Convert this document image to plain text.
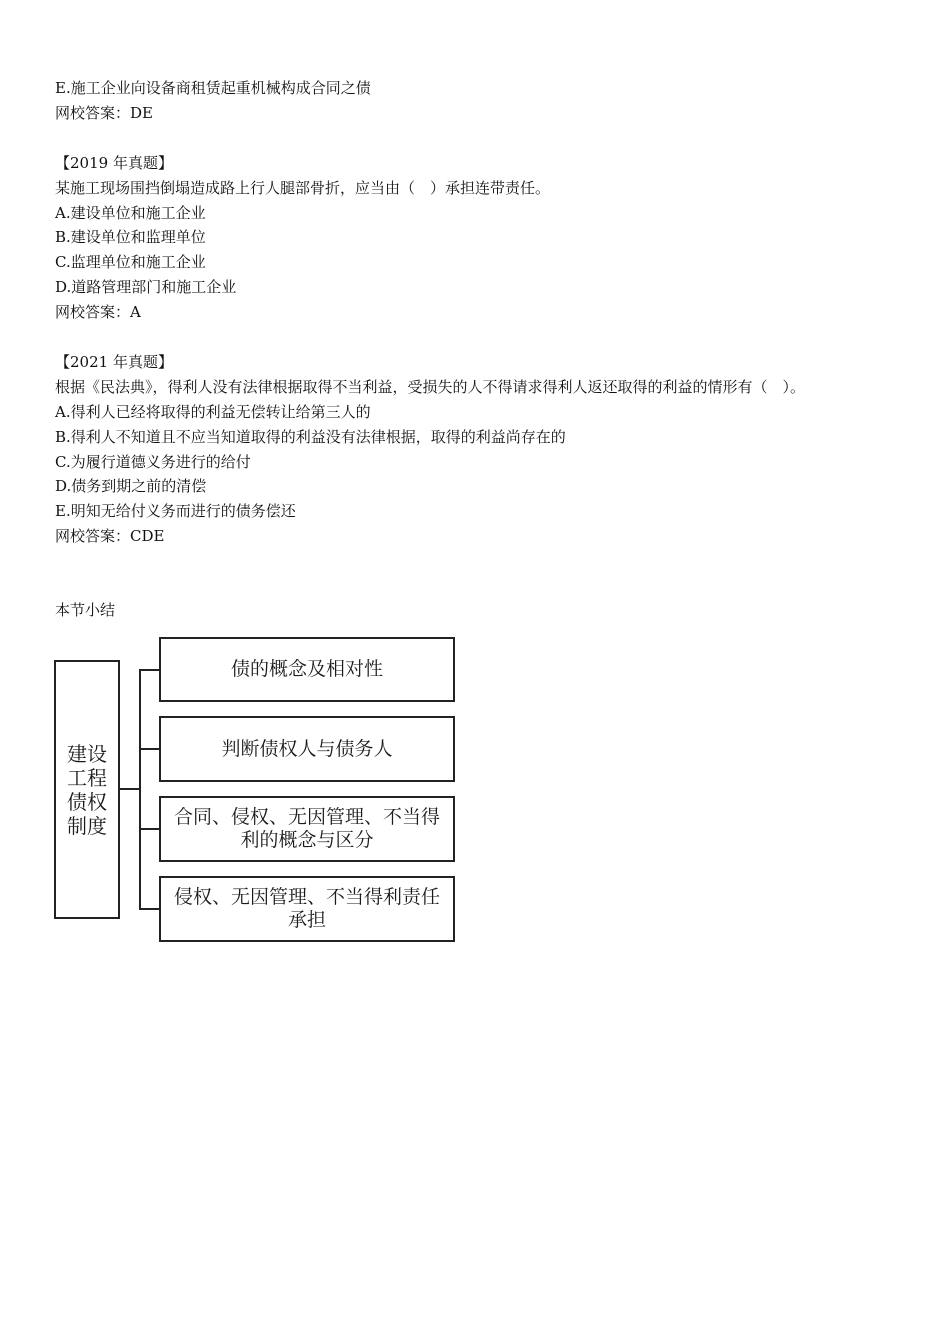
E.施工企业向设备商租赁起重机械构成合同之债
网校答案：DE
【2019 年真题】
某施工现场围挡倒塌造成路上行人腿部骨折，应当由（　）承担连带责任。
A.建设单位和施工企业
B.建设单位和监理单位
C.监理单位和施工企业
D.道路管理部门和施工企业
网校答案：A
【2021 年真题】
根据《民法典》，得利人没有法律根据取得不当利益，受损失的人不得请求得利人返还取得的利益的情形有（　）。
A.得利人已经将取得的利益无偿转让给第三人的
B.得利人不知道且不应当知道取得的利益没有法律根据，取得的利益尚存在的
C.为履行道德义务进行的给付
D.债务到期之前的清偿
E.明知无给付义务而进行的债务偿还
网校答案：CDE
本节小结
建设工程债权制度
债的概念及相对性
判断债权人与债务人
合同、侵权、无因管理、不当得利的概念与区分
侵权、无因管理、不当得利责任承担
